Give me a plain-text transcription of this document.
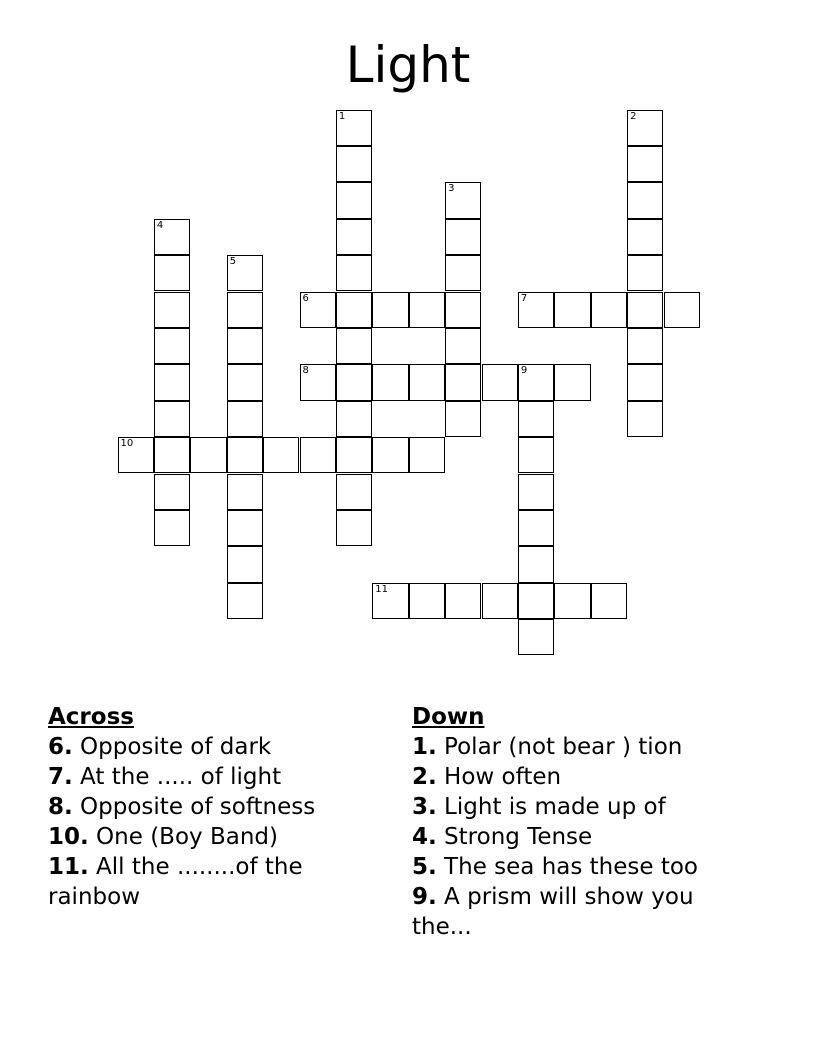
Light
1	2
3
4
5
6	7
8	9
10
11
Across
6. Opposite of dark
7. At the ..... of light
8. Opposite of softness
10. One (Boy Band)
11. All the ........of the rainbow
Down
1. Polar (not bear ) tion
2. How often
3. Light is made up of
4. Strong Tense
5. The sea has these too
9. A prism will show you the...
